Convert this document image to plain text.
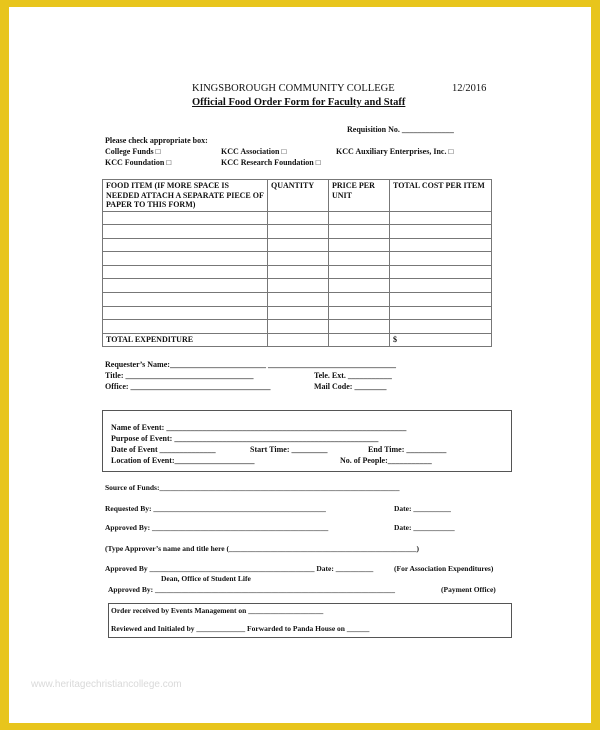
KINGSBOROUGH COMMUNITY COLLEGE	12/2016
Official Food Order Form for Faculty and Staff
Requisition No. _____________
Please check appropriate box:
College Funds □	KCC Association □	KCC Auxiliary Enterprises, Inc. □
KCC Foundation □	KCC Research Foundation □
FOOD ITEM (IF MORE SPACE IS NEEDED ATTACH A SEPARATE PIECE OF PAPER TO THIS FORM)	QUANTITY	PRICE PER UNIT	TOTAL COST PER ITEM

TOTAL EXPENDITURE			$
Requester’s Name:________________________ ________________________________
Title: ________________________________	Tele. Ext. ___________
Office: ___________________________________	Mail Code: ________
Name of Event: ____________________________________________________________
Purpose of Event: ___________________________________________________
Date of Event ______________	Start Time: _________	End Time: __________
Location of Event:____________________	No. of People:___________
Source of Funds:________________________________________________________________
Requested By: ______________________________________________	Date: __________
Approved By: _______________________________________________	Date: ___________
(Type Approver’s name and title here (__________________________________________________)
Approved By ____________________________________________ Date: __________	(For Association Expenditures)
Dean, Office of Student Life
Approved By: ________________________________________________________________	(Payment Office)
Order received by Events Management on ____________________
Reviewed and Initialed by _____________ Forwarded to Panda House on ______
www.heritagechristiancollege.com
